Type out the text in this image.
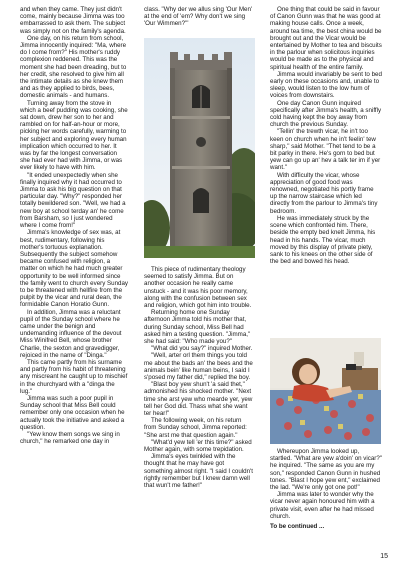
and when they came. They just didn't come, mainly because Jimma was too embarrassed to ask them. The subject was simply not on the family's agenda.

One day, on his return from school, Jimma innocently inquired: "Ma, where do I come from?" His mother's ruddy complexion reddened. This was the moment she had been dreading, but to her credit, she resolved to give him all the intimate details as she knew them and as they applied to birds, bees, domestic animals - and humans.

Turning away from the stove in which a beef pudding was cooking, she sat down, drew her son to her and rambled on for half-an-hour or more, picking her words carefully, warming to her subject and exploring every human implication which occurred to her. It was by far the longest conversation she had ever had with Jimma, or was ever likely to have with him.

"It ended unexpectedly when she finally inquired why it had occurred to Jimma to ask his big question on that particular day. "Why?" responded her totally bewildered son. "Well, we had a new boy at school terday an' he come from Barsham, so I just wondered where I come from!"

Jimma's knowledge of sex was, at best, rudimentary, following his mother's tortuous explanation. Subsequently the subject somehow became confused with religion, a matter on which he had much greater opportunity to be well informed since the family went to church every Sunday to be threatened with hellfire from the pulpit by the vicar and rural dean, the formidable Canon Horatio Gunn.

In addition, Jimma was a reluctant pupil of the Sunday school where he came under the benign and undemanding influence of the devout Miss Winifred Bell, whose brother Charlie, the sexton and gravedigger, rejoiced in the name of "Dinga."

This came partly from his surname and partly from his habit of threatening any miscreant he caught up to mischief in the churchyard with a "dinga the lug."

Jimma was such a poor pupil in Sunday school that Miss Bell could remember only one occasion when he actually took the initiative and asked a question.

"Yew know them songs we sing in church," he remarked one day in

class. "Why der we allus sing 'Our Men' at the end of 'em? Why don't we sing 'Our Wimmen?'"

This piece of rudimentary theology seemed to satisfy Jimma. But on another occasion he really came unstuck - and it was his poor memory, along with the confusion between sex and religion, which got him into trouble.

Returning home one Sunday afternoon Jimma told his mother that, during Sunday school, Miss Bell had asked him a testing question. "Jimma," she had said: "Who made you?"

"What did you say?" inquired Mother.

"Well, arter orl them things you told me about the bads an' the bees and the animals bein' like human beins, I said I s'posed my father did," replied the boy.

"Blast boy yew shun't 'a said thet," admonished his shocked mother. "Next time she arst yew who mearde yer, yew tell her God did. Thass what she want ter hear!"

The following week, on his return from Sunday school, Jimma reported: "She arst me that question again."

"What'd yew tell 'er this time?" asked Mother again, with some trepidation.

Jimma's eyes twinkled with the thought that he may have got something almost right. "I said I couldn't rightly remember but I knew damn well that wun't me father!"

One thing that could be said in favour of Canon Gunn was that he was good at making house calls. Once a week, around tea time, the best china would be brought out and the Vicar would be entertained by Mother to tea and biscuits in the parlour when solicitous inquiries would be made as to the physical and spiritual health of the entire family.

Jimma would invariably be sent to bed early on these occasions and, unable to sleep, would listen to the low hum of voices from downstairs.

One day Canon Gunn inquired specifically after Jimma's health, a sniffly cold having kept the boy away from church the previous Sunday.

"Tellin' the trewth vicar, he in't too keen on church when he in't feelin' tew sharp," said Mother. "Thet tend to be a bit parky in there. He's gorn to bed but yew can go up an' hev a talk ter im if yer want."

With difficulty the vicar, whose appreciation of good food was renowned, negotiated his portly frame up the narrow staircase which led directly from the parlour to Jimma's tiny bedroom.

He was immediately struck by the scene which confronted him. There, beside the empty bed knelt Jimma, his head in his hands. The vicar, much moved by this display of private piety, sank to his knees on the other side of the bed and bowed his head.

Whereupon Jimma looked up, startled. "What are yew a'doin' on vicar?" he inquired. "The same as you are my son," responded Canon Gunn in hushed tones. "Blast I hope yew ent," exclaimed the lad. "We're only got one pot!"

Jimma was later to wonder why the vicar never again honoured him with a private visit, even after he had missed church.

To be continued ...

15
